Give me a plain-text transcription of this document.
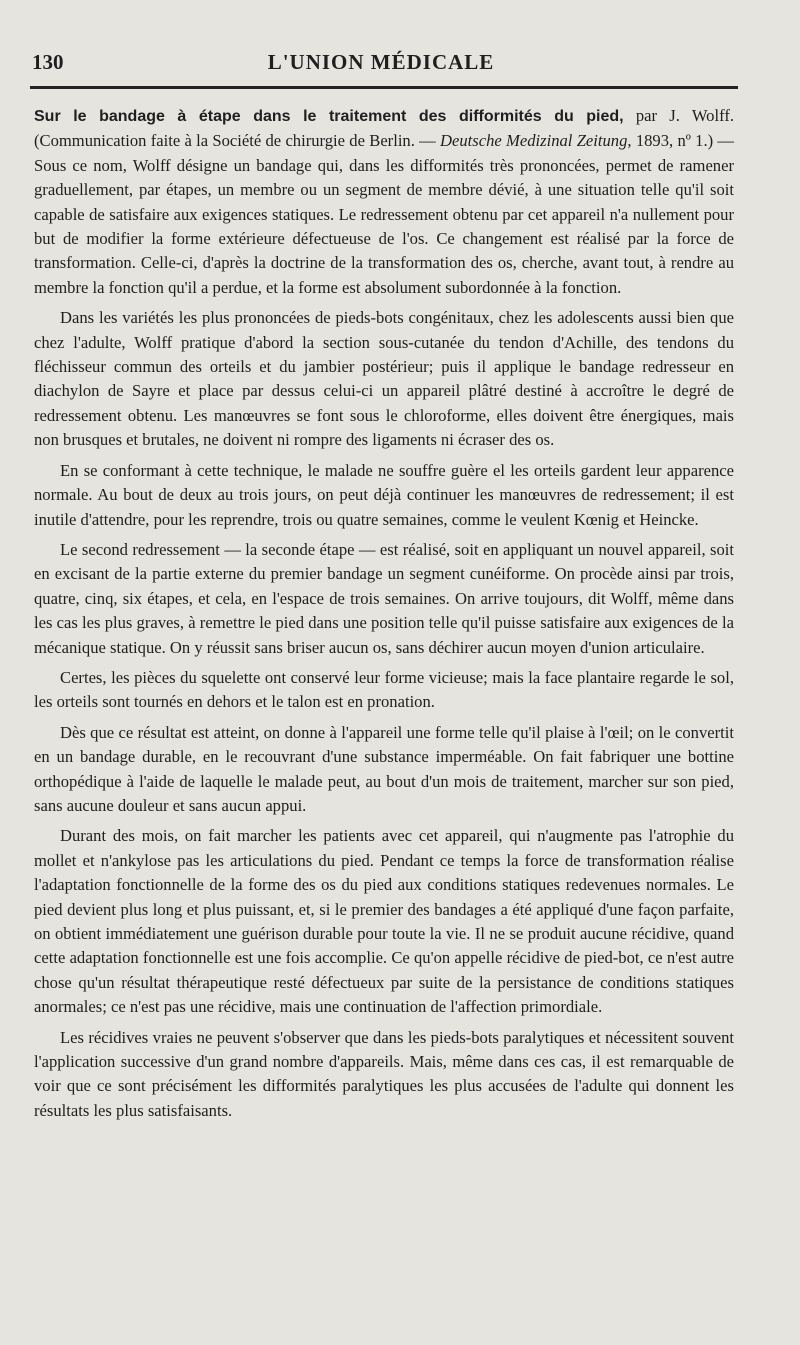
130	L'UNION MÉDICALE

Sur le bandage à étape dans le traitement des difformités du pied, par J. Wolff. (Communication faite à la Société de chirurgie de Berlin. — Deutsche Medizinal Zeitung, 1893, nº 1.) — Sous ce nom, Wolff désigne un bandage qui, dans les difformités très prononcées, permet de ramener graduellement, par étapes, un membre ou un segment de membre dévié, à une situation telle qu'il soit capable de satisfaire aux exigences statiques. Le redressement obtenu par cet appareil n'a nullement pour but de modifier la forme extérieure défectueuse de l'os. Ce changement est réalisé par la force de transformation. Celle-ci, d'après la doctrine de la transformation des os, cherche, avant tout, à rendre au membre la fonction qu'il a perdue, et la forme est absolument subordonnée à la fonction.

Dans les variétés les plus prononcées de pieds-bots congénitaux, chez les adolescents aussi bien que chez l'adulte, Wolff pratique d'abord la section sous-cutanée du tendon d'Achille, des tendons du fléchisseur commun des orteils et du jambier postérieur; puis il applique le bandage redresseur en diachylon de Sayre et place par dessus celui-ci un appareil plâtré destiné à accroître le degré de redressement obtenu. Les manœuvres se font sous le chloroforme, elles doivent être énergiques, mais non brusques et brutales, ne doivent ni rompre des ligaments ni écraser des os.

En se conformant à cette technique, le malade ne souffre guère el les orteils gardent leur apparence normale. Au bout de deux au trois jours, on peut déjà continuer les manœuvres de redressement; il est inutile d'attendre, pour les reprendre, trois ou quatre semaines, comme le veulent Kœnig et Heincke.

Le second redressement — la seconde étape — est réalisé, soit en appliquant un nouvel appareil, soit en excisant de la partie externe du premier bandage un segment cunéiforme. On procède ainsi par trois, quatre, cinq, six étapes, et cela, en l'espace de trois semaines. On arrive toujours, dit Wolff, même dans les cas les plus graves, à remettre le pied dans une position telle qu'il puisse satisfaire aux exigences de la mécanique statique. On y réussit sans briser aucun os, sans déchirer aucun moyen d'union articulaire.

Certes, les pièces du squelette ont conservé leur forme vicieuse; mais la face plantaire regarde le sol, les orteils sont tournés en dehors et le talon est en pronation.

Dès que ce résultat est atteint, on donne à l'appareil une forme telle qu'il plaise à l'œil; on le convertit en un bandage durable, en le recouvrant d'une substance imperméable. On fait fabriquer une bottine orthopédique à l'aide de laquelle le malade peut, au bout d'un mois de traitement, marcher sur son pied, sans aucune douleur et sans aucun appui.

Durant des mois, on fait marcher les patients avec cet appareil, qui n'augmente pas l'atrophie du mollet et n'ankylose pas les articulations du pied. Pendant ce temps la force de transformation réalise l'adaptation fonctionnelle de la forme des os du pied aux conditions statiques redevenues normales. Le pied devient plus long et plus puissant, et, si le premier des bandages a été appliqué d'une façon parfaite, on obtient immédiatement une guérison durable pour toute la vie. Il ne se produit aucune récidive, quand cette adaptation fonctionnelle est une fois accomplie. Ce qu'on appelle récidive de pied-bot, ce n'est autre chose qu'un résultat thérapeutique resté défectueux par suite de la persistance de conditions statiques anormales; ce n'est pas une récidive, mais une continuation de l'affection primordiale.

Les récidives vraies ne peuvent s'observer que dans les pieds-bots paralytiques et nécessitent souvent l'application successive d'un grand nombre d'appareils. Mais, même dans ces cas, il est remarquable de voir que ce sont précisément les difformités paralytiques les plus accusées de l'adulte qui donnent les résultats les plus satisfaisants.
